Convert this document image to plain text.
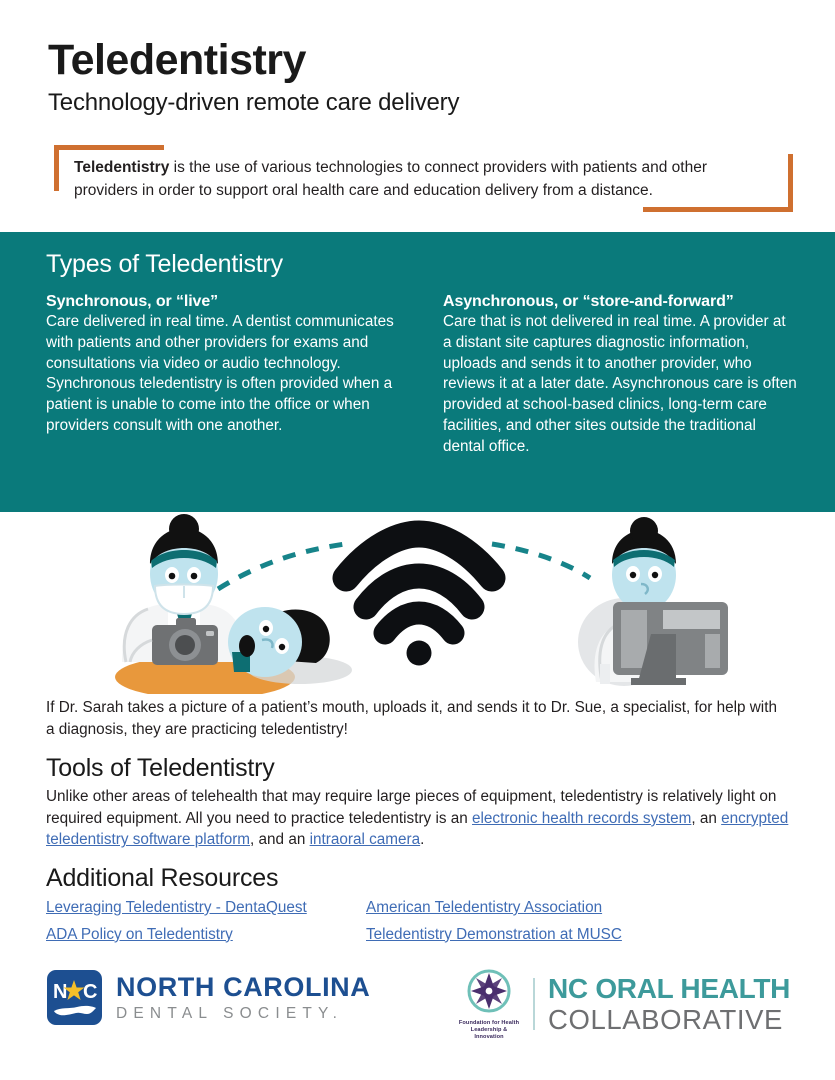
Teledentistry
Technology-driven remote care delivery
Teledentistry is the use of various technologies to connect providers with patients and other providers in order to support oral health care and education delivery from a distance.
Types of Teledentistry
Synchronous, or “live”
Care delivered in real time. A dentist communicates with patients and other providers for exams and consultations via video or audio technology. Synchronous teledentistry is often provided when a patient is unable to come into the office or when providers consult with one another.
Asynchronous, or “store-and-forward”
Care that is not delivered in real time. A provider at a distant site captures diagnostic information, uploads and sends it to another provider, who reviews it at a later date. Asynchronous care is often provided at school-based clinics, long-term care facilities, and other sites outside the traditional dental office.
If Dr. Sarah takes a picture of a patient’s mouth, uploads it, and sends it to Dr. Sue, a specialist, for help with a diagnosis, they are practicing teledentistry!
Tools of Teledentistry
Unlike other areas of telehealth that may require large pieces of equipment, teledentistry is relatively light on required equipment. All you need to practice teledentistry is an electronic health records system, an encrypted teledentistry software platform, and an intraoral camera.
Additional Resources
Leveraging Teledentistry - DentaQuest	American Teledentistry Association
ADA Policy on Teledentistry	Teledentistry Demonstration at MUSC
N C NORTH CAROLINA
DENTAL SOCIETY.
Foundation for Health
Leadership & Innovation
NC ORAL HEALTH
COLLABORATIVE
